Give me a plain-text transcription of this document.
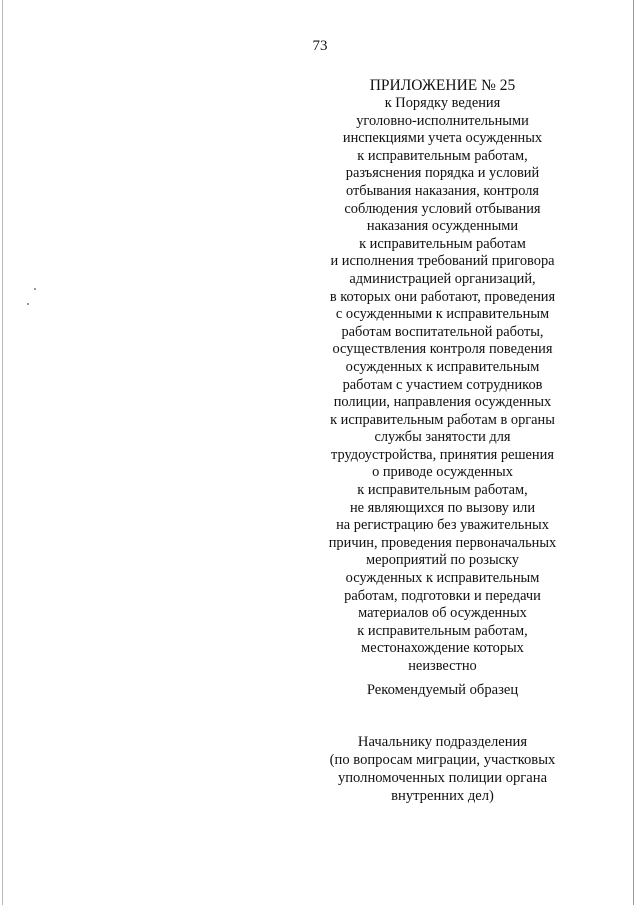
73
ПРИЛОЖЕНИЕ № 25
к Порядку ведения
уголовно-исполнительными
инспекциями учета осужденных
к исправительным работам,
разъяснения порядка и условий
отбывания наказания, контроля
соблюдения условий отбывания
наказания осужденными
к исправительным работам
и исполнения требований приговора
администрацией организаций,
в которых они работают, проведения
с осужденными к исправительным
работам воспитательной работы,
осуществления контроля поведения
осужденных к исправительным
работам с участием сотрудников
полиции, направления осужденных
к исправительным работам в органы
службы занятости для
трудоустройства, принятия решения
о приводе осужденных
к исправительным работам,
не являющихся по вызову или
на регистрацию без уважительных
причин, проведения первоначальных
мероприятий по розыску
осужденных к исправительным
работам, подготовки и передачи
материалов об осужденных
к исправительным работам,
местонахождение которых
неизвестно
Рекомендуемый образец
Начальнику подразделения
(по вопросам миграции, участковых
уполномоченных полиции органа
внутренних дел)
